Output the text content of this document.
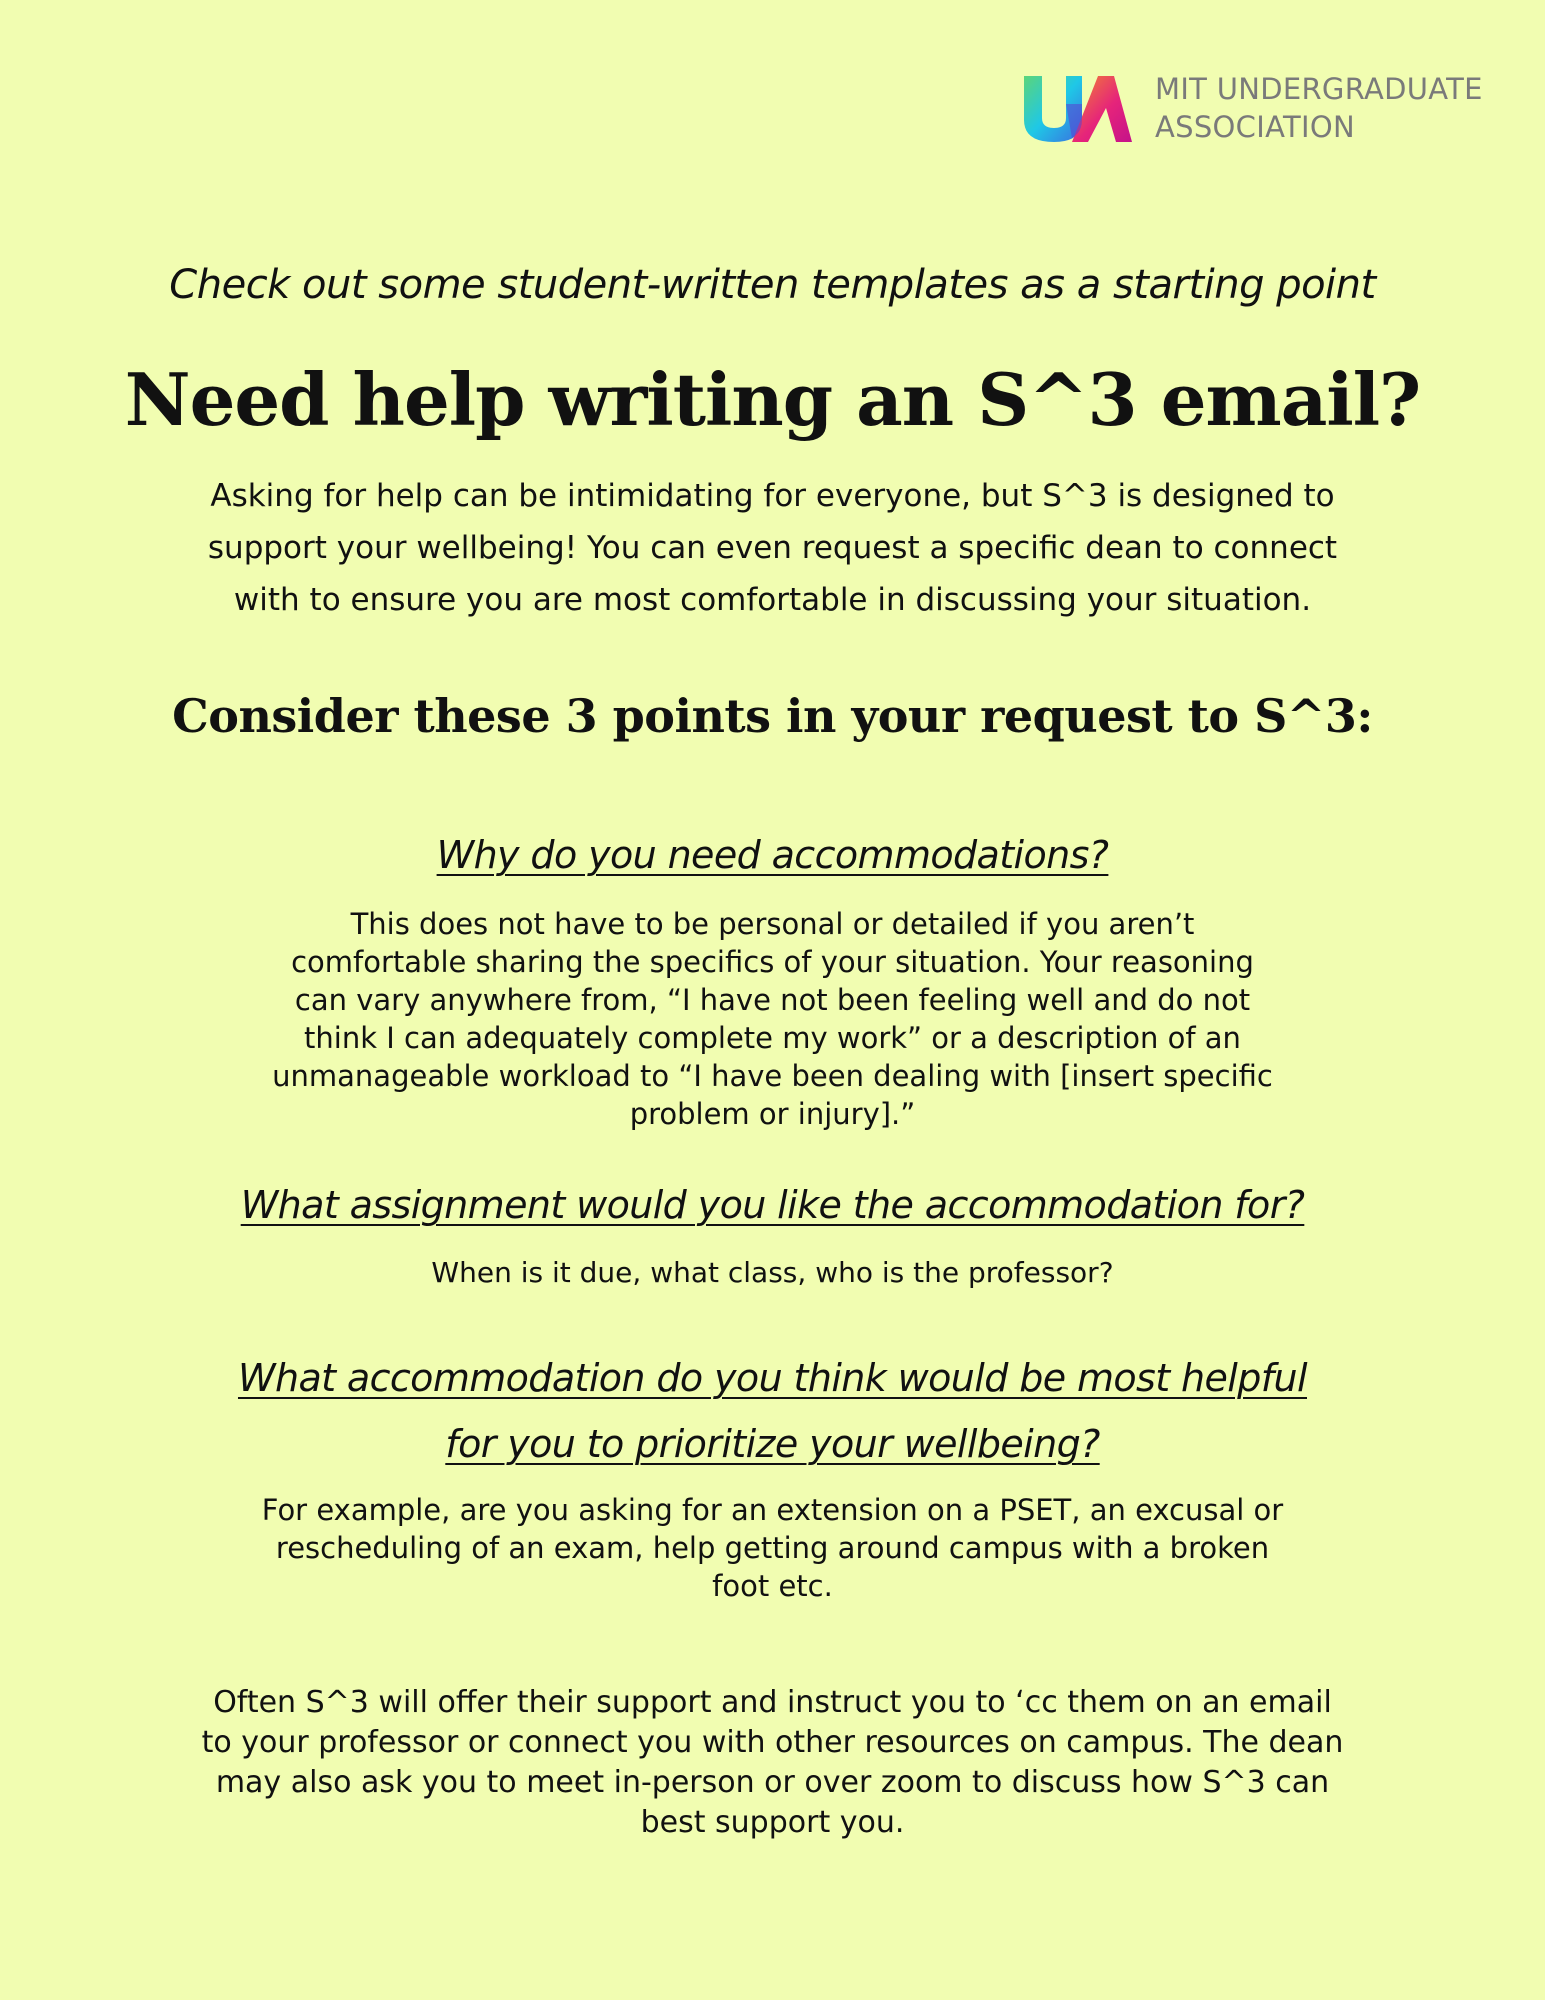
MIT UNDERGRADUATE
ASSOCIATION
Check out some student-written templates as a starting point
Need help writing an S^3 email?
Asking for help can be intimidating for everyone, but S^3 is designed to
support your wellbeing! You can even request a specific dean to connect
with to ensure you are most comfortable in discussing your situation.
Consider these 3 points in your request to S^3:
Why do you need accommodations?
This does not have to be personal or detailed if you aren’t
comfortable sharing the specifics of your situation. Your reasoning
can vary anywhere from, “I have not been feeling well and do not
think I can adequately complete my work” or a description of an
unmanageable workload to “I have been dealing with [insert specific
problem or injury].”
What assignment would you like the accommodation for?
When is it due, what class, who is the professor?
What accommodation do you think would be most helpful
for you to prioritize your wellbeing?
For example, are you asking for an extension on a PSET, an excusal or
rescheduling of an exam, help getting around campus with a broken
foot etc.
Often S^3 will offer their support and instruct you to ‘cc them on an email
to your professor or connect you with other resources on campus. The dean
may also ask you to meet in-person or over zoom to discuss how S^3 can
best support you.
